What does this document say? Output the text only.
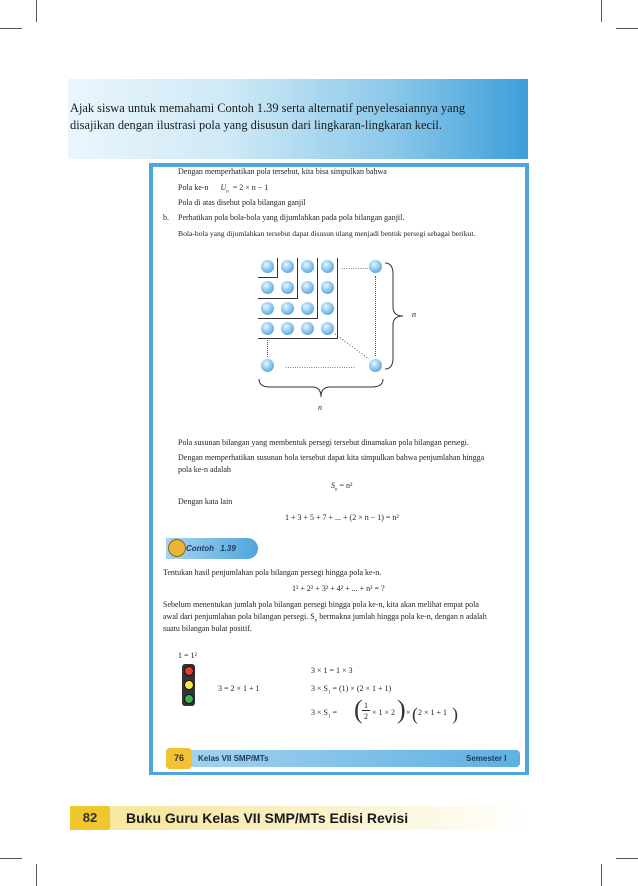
Ajak siswa untuk memahami Contoh 1.39 serta alternatif penyelesaiannya yang
disajikan dengan ilustrasi pola yang disusun dari lingkaran-lingkaran kecil.
Dengan memperhatikan pola tersebut, kita bisa simpulkan bahwa
Pola ke-n $U_n = 2 \times n - 1$
Pola di atas disebut pola bilangan ganjil
b. Perhatikan pola bola-bola yang dijumlahkan pada pola bilangan ganjil.
Bola-bola yang dijumlahkan tersebut dapat disusun ulang menjadi bentuk persegi sebagai berikut.
…………
…………………………
n
n
Pola susunan bilangan yang membentuk persegi tersebut dinamakan pola bilangan persegi.
Dengan memperhatikan susunan bola tersebut dapat kita simpulkan bahwa penjumlahan hingga
pola ke-n adalah
$S_n = n^2$
Dengan kata lain
1 + 3 + 5 + 7 + ... + (2 × n − 1) = n²
Contoh 1.39
Tentukan hasil penjumlahan pola bilangan persegi hingga pola ke-n.
1² + 2² + 3² + 4² + ... + n² = ?
Sebelum menentukan jumlah pola bilangan persegi hingga pola ke-n, kita akan melihat empat pola
awal dari penjumlahan pola bilangan persegi. $S_n$ bermakna jumlah hingga pola ke-n, dengan n adalah
suatu bilangan bulat positif.
1 = 1²
3 = 2 × 1 + 1
3 × 1 = 1 × 3
$3 \times S_1 = (1) \times (2 \times 1 + 1)$
$3 \times S_1$ = ( 1
2 × 1 × 2 ) × ( 2 × 1 + 1 )
76	Kelas VII SMP/MTs	Semester I
82	Buku Guru Kelas VII SMP/MTs Edisi Revisi
